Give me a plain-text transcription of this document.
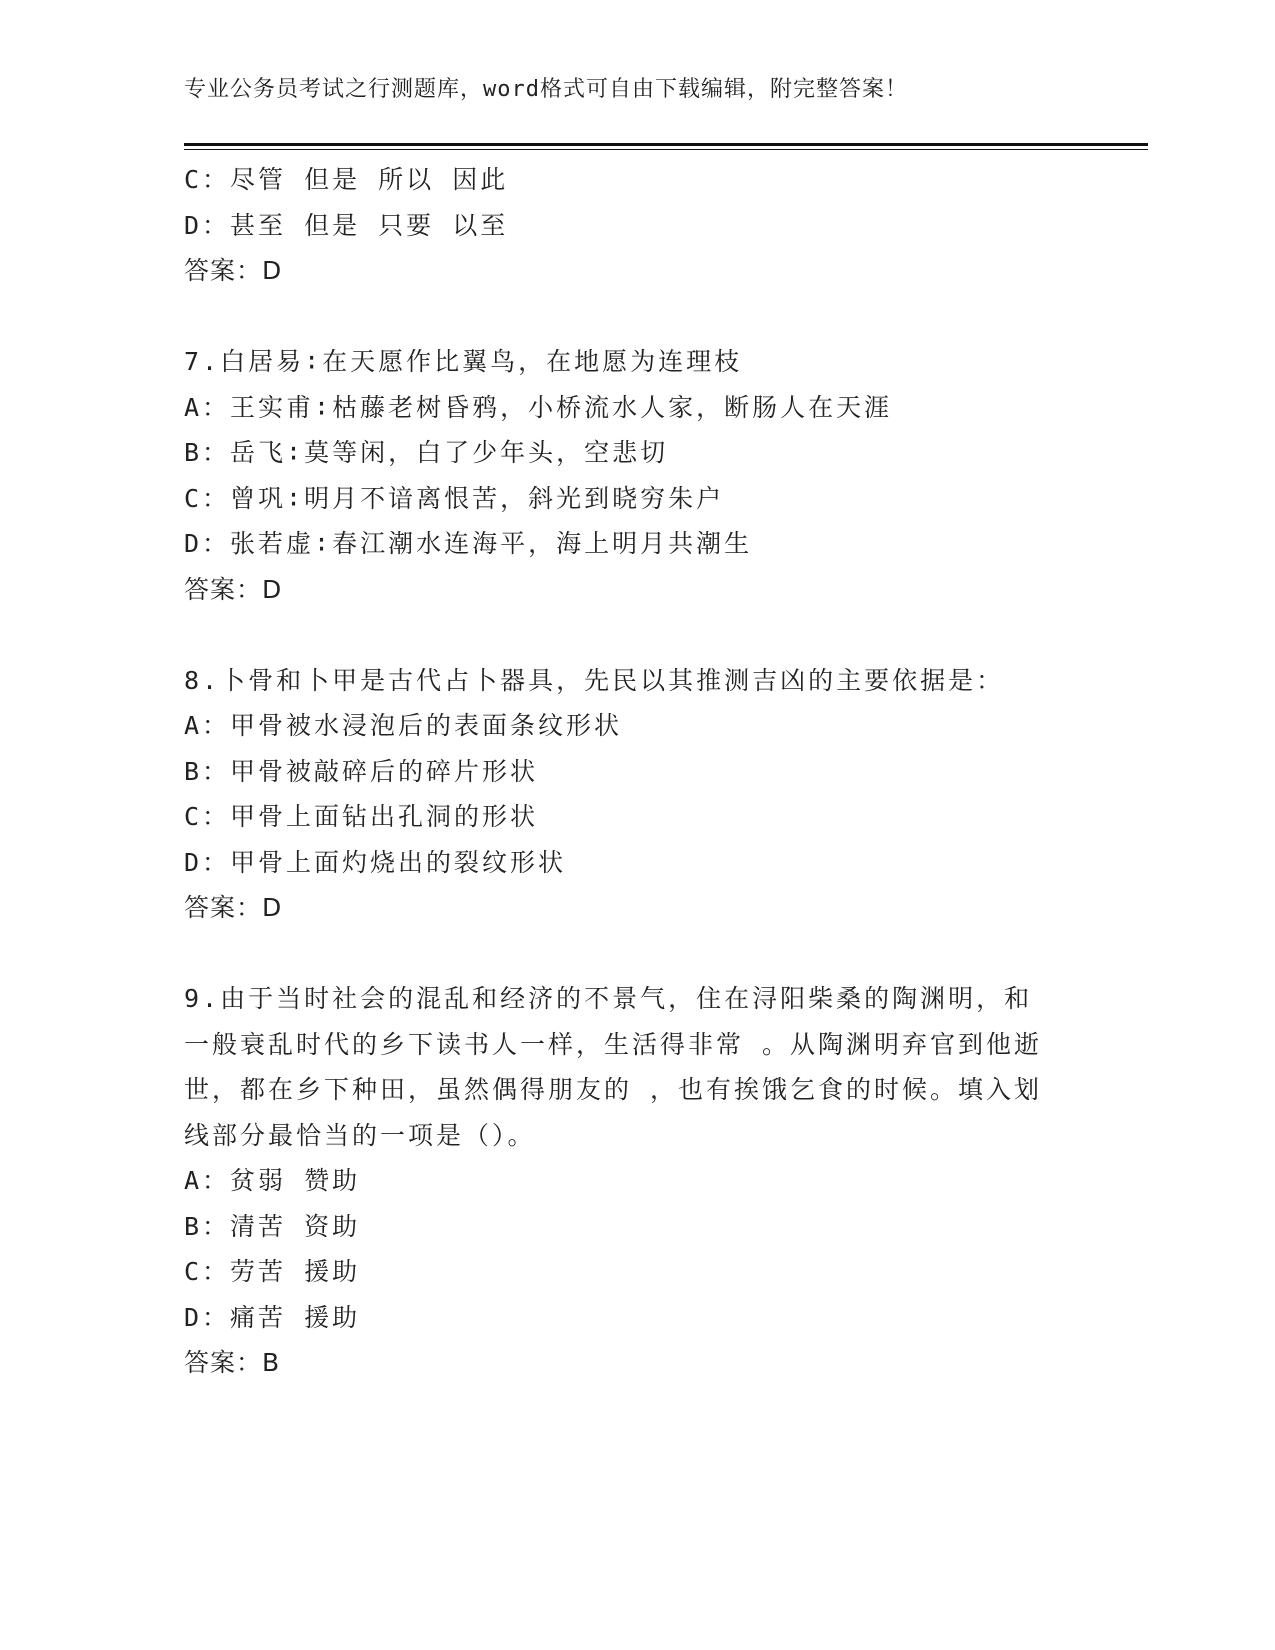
专业公务员考试之行测题库，word格式可自由下载编辑，附完整答案！
C：尽管 但是 所以 因此
D：甚至 但是 只要 以至
答案：D
7.白居易∶在天愿作比翼鸟，在地愿为连理枝
A：王实甫∶枯藤老树昏鸦，小桥流水人家，断肠人在天涯
B：岳飞∶莫等闲，白了少年头，空悲切
C：曾巩∶明月不谙离恨苦，斜光到晓穷朱户
D：张若虚∶春江潮水连海平，海上明月共潮生
答案：D
8.卜骨和卜甲是古代占卜器具，先民以其推测吉凶的主要依据是：
A：甲骨被水浸泡后的表面条纹形状
B：甲骨被敲碎后的碎片形状
C：甲骨上面钻出孔洞的形状
D：甲骨上面灼烧出的裂纹形状
答案：D
9.由于当时社会的混乱和经济的不景气，住在浔阳柴桑的陶渊明，和
一般衰乱时代的乡下读书人一样，生活得非常 。从陶渊明弃官到他逝
世，都在乡下种田，虽然偶得朋友的 ，也有挨饿乞食的时候。填入划
线部分最恰当的一项是（）。
A：贫弱 赞助
B：清苦 资助
C：劳苦 援助
D：痛苦 援助
答案：B
